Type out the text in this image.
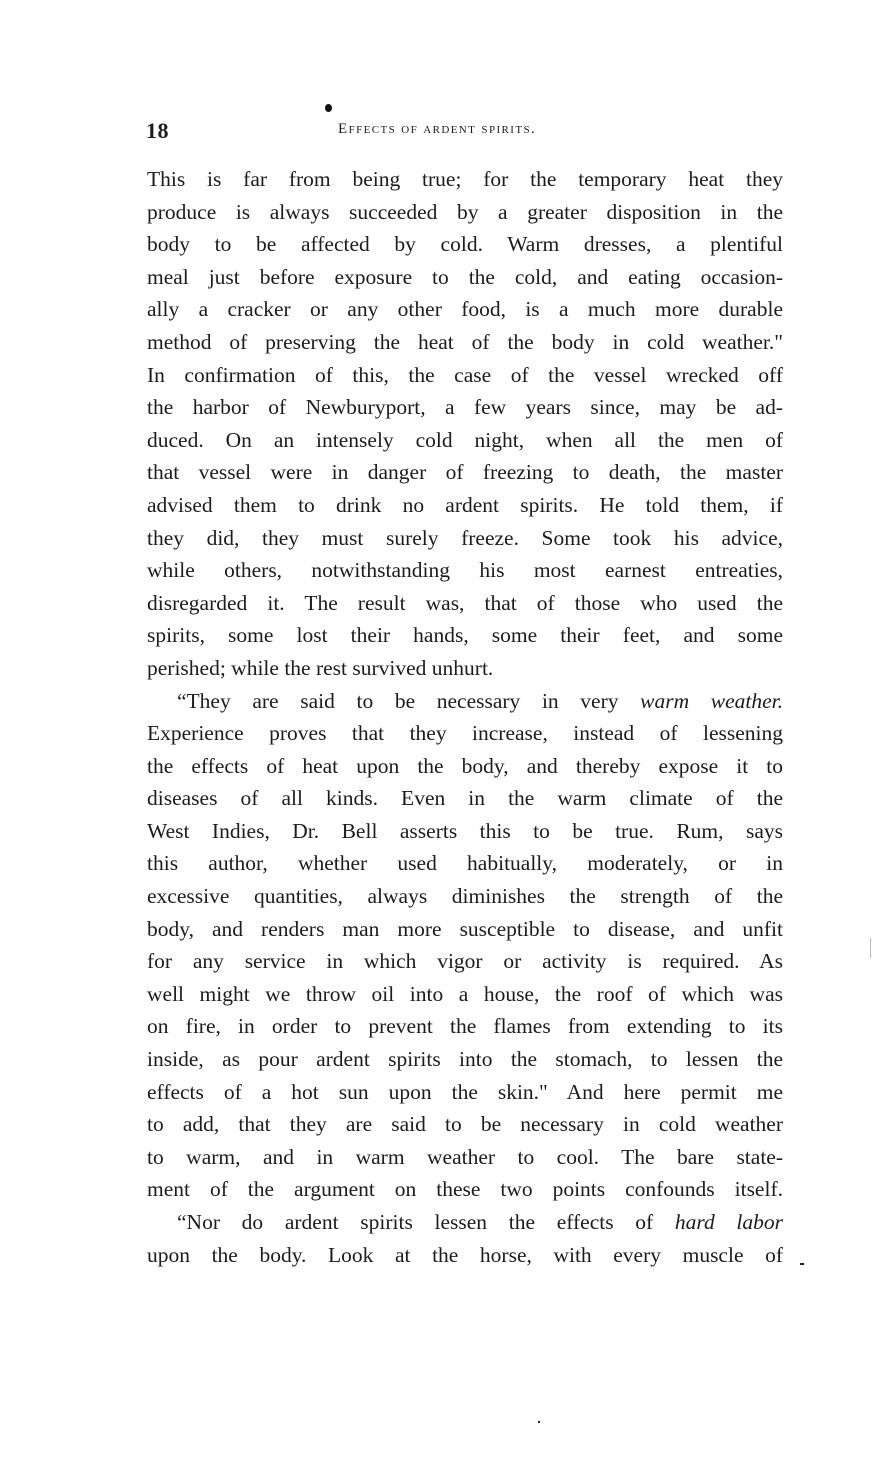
18	effects of ardent spirits.
This is far from being true; for the temporary heat they
produce is always succeeded by a greater disposition in the
body to be affected by cold. Warm dresses, a plentiful
meal just before exposure to the cold, and eating occasion-
ally a cracker or any other food, is a much more durable
method of preserving the heat of the body in cold weather."
In confirmation of this, the case of the vessel wrecked off
the harbor of Newburyport, a few years since, may be ad-
duced. On an intensely cold night, when all the men of
that vessel were in danger of freezing to death, the master
advised them to drink no ardent spirits. He told them, if
they did, they must surely freeze. Some took his advice,
while others, notwithstanding his most earnest entreaties,
disregarded it. The result was, that of those who used the
spirits, some lost their hands, some their feet, and some
perished; while the rest survived unhurt.
“They are said to be necessary in very warm weather.
Experience proves that they increase, instead of lessening
the effects of heat upon the body, and thereby expose it to
diseases of all kinds. Even in the warm climate of the
West Indies, Dr. Bell asserts this to be true. Rum, says
this author, whether used habitually, moderately, or in
excessive quantities, always diminishes the strength of the
body, and renders man more susceptible to disease, and unfit
for any service in which vigor or activity is required. As
well might we throw oil into a house, the roof of which was
on fire, in order to prevent the flames from extending to its
inside, as pour ardent spirits into the stomach, to lessen the
effects of a hot sun upon the skin." And here permit me
to add, that they are said to be necessary in cold weather
to warm, and in warm weather to cool. The bare state-
ment of the argument on these two points confounds itself.
“Nor do ardent spirits lessen the effects of hard labor
upon the body. Look at the horse, with every muscle of
